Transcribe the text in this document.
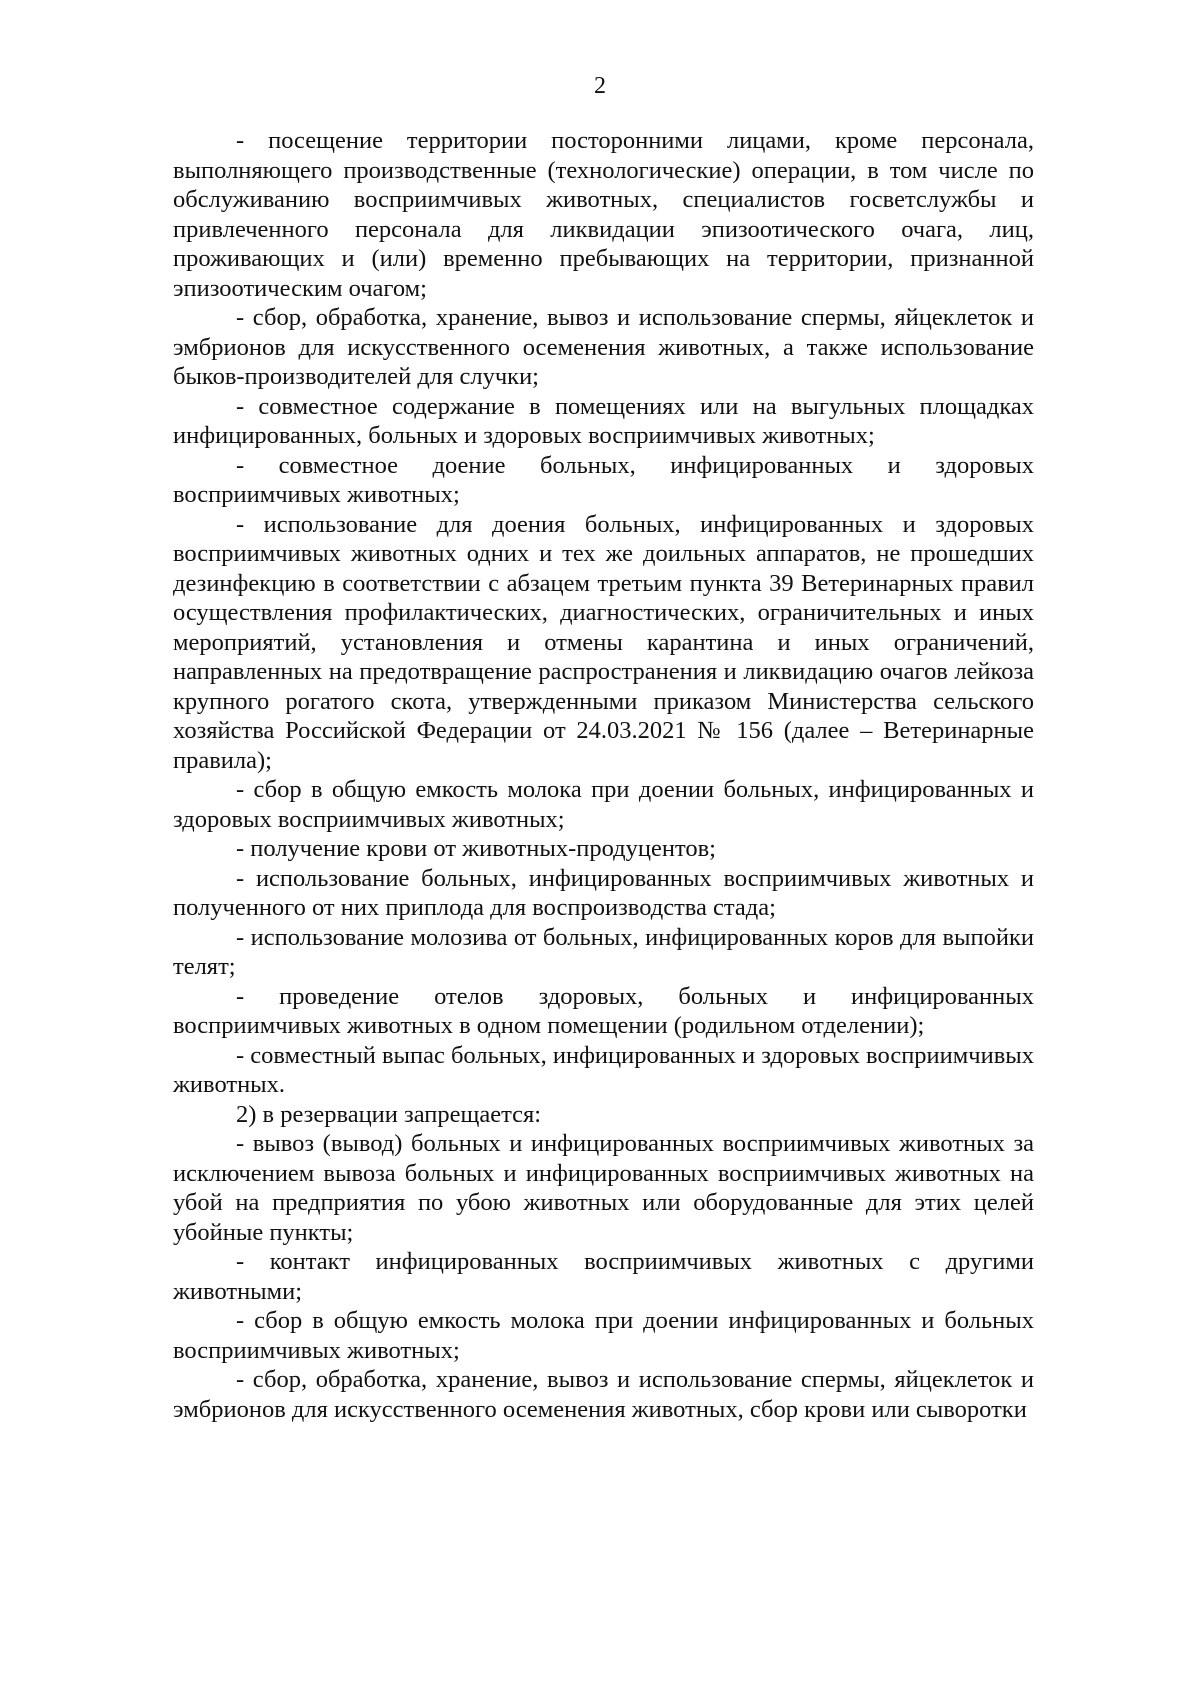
2

- посещение территории посторонними лицами, кроме персонала, выполняющего производственные (технологические) операции, в том числе по обслуживанию восприимчивых животных, специалистов госветслужбы и привлеченного персонала для ликвидации эпизоотического очага, лиц, проживающих и (или) временно пребывающих на территории, признанной эпизоотическим очагом;

- сбор, обработка, хранение, вывоз и использование спермы, яйцеклеток и эмбрионов для искусственного осеменения животных, а также использование быков-производителей для случки;

- совместное содержание в помещениях или на выгульных площадках инфицированных, больных и здоровых восприимчивых животных;

- совместное доение больных, инфицированных и здоровых восприимчивых животных;

- использование для доения больных, инфицированных и здоровых восприимчивых животных одних и тех же доильных аппаратов, не прошедших дезинфекцию в соответствии с абзацем третьим пункта 39 Ветеринарных правил осуществления профилактических, диагностических, ограничительных и иных мероприятий, установления и отмены карантина и иных ограничений, направленных на предотвращение распространения и ликвидацию очагов лейкоза крупного рогатого скота, утвержденными приказом Министерства сельского хозяйства Российской Федерации от 24.03.2021 № 156 (далее – Ветеринарные правила);

- сбор в общую емкость молока при доении больных, инфицированных и здоровых восприимчивых животных;

- получение крови от животных-продуцентов;

- использование больных, инфицированных восприимчивых животных и полученного от них приплода для воспроизводства стада;

- использование молозива от больных, инфицированных коров для выпойки телят;

- проведение отелов здоровых, больных и инфицированных восприимчивых животных в одном помещении (родильном отделении);

- совместный выпас больных, инфицированных и здоровых восприимчивых животных.

2) в резервации запрещается:

- вывоз (вывод) больных и инфицированных восприимчивых животных за исключением вывоза больных и инфицированных восприимчивых животных на убой на предприятия по убою животных или оборудованные для этих целей убойные пункты;

- контакт инфицированных восприимчивых животных с другими животными;

- сбор в общую емкость молока при доении инфицированных и больных восприимчивых животных;

- сбор, обработка, хранение, вывоз и использование спермы, яйцеклеток и эмбрионов для искусственного осеменения животных, сбор крови или сыворотки
